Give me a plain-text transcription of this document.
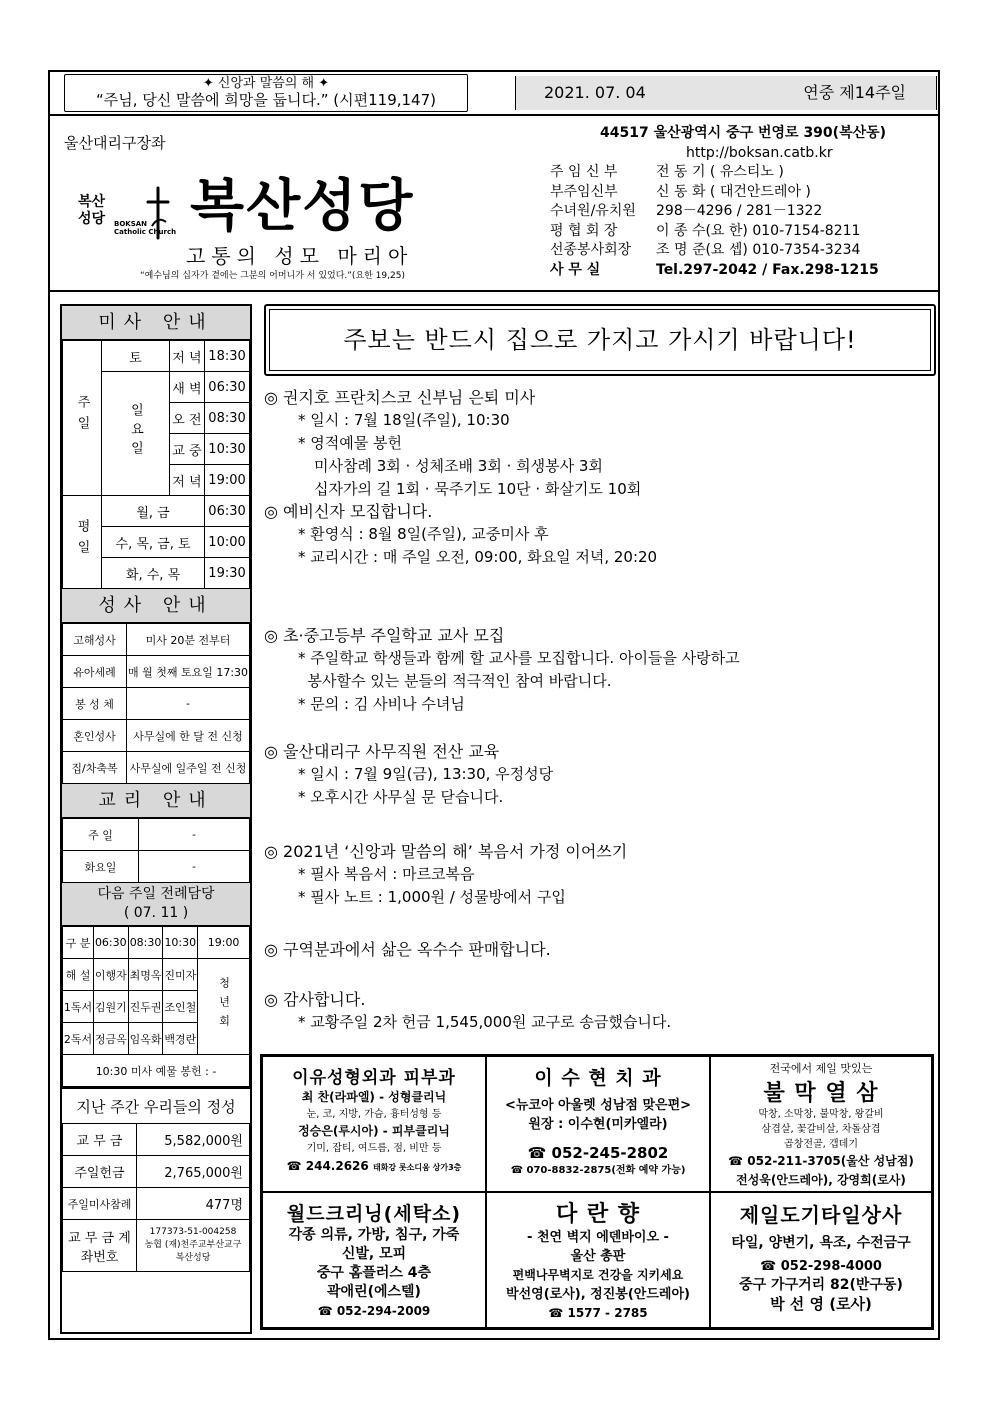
✦ 신앙과 말씀의 해 ✦
“주님, 당신 말씀에 희망을 둡니다.” (시편119,147)	2021. 07. 04	연중 제14주일
울산대리구장좌
복산
성당 BOKSAN
Catholic Church 복산성당
고통의 성모 마리아
“예수님의 십자가 곁에는 그분의 어머니가 서 있었다.”(요한 19,25)
44517 울산광역시 중구 번영로 390(복산동)
http://boksan.catb.kr
주 임 신 부	전 동 기 ( 유스티노 )
부주임신부	신 동 화 ( 대건안드레아 )
수녀원/유치원	298－4296 / 281－1322
평 협 회 장	이 종 수(요 한) 010-7154-8211
선종봉사회장	조 명 준(요 셉) 010-7354-3234
사 무 실	Tel.297-2042 / Fax.298-1215
미사 안내
주일	토	저 녁	18:30
	일요일	새 벽	06:30
		오 전	08:30
		교 중	10:30
		저 녁	19:00
평일	월, 금		06:30
	수, 목, 금, 토		10:00
	화, 수, 목		19:30
성사 안내
고해성사	미사 20분 전부터
유아세례	매 월 첫째 토요일 17:30
봉 성 체	-
혼인성사	사무실에 한 달 전 신청
집/차축복	사무실에 일주일 전 신청
교리 안내
주 일	-
화요일	-
다음 주일 전례담당
( 07. 11 )
구 분	06:30	08:30	10:30	19:00
해 설	이행자	최명옥	진미자	청년회
1독서	김원기	진두권	조인철	
2독서	정금옥	임옥화	백경란	
10:30 미사 예물 봉헌 : -				
지난 주간 우리들의 정성
교 무 금	5,582,000원
주일헌금	2,765,000원
주일미사참례	477명
교 무 금 계좌번호	177373-51-004258
농협 (재)천주교부산교구
복산성당
주보는 반드시 집으로 가지고 가시기 바랍니다!
◎ 권지호 프란치스코 신부님 은퇴 미사
* 일시 : 7월 18일(주일), 10:30
* 영적예물 봉헌
미사참례 3회 · 성체조배 3회 · 희생봉사 3회
십자가의 길 1회 · 묵주기도 10단 · 화살기도 10회
◎ 예비신자 모집합니다.
* 환영식 : 8월 8일(주일), 교중미사 후
* 교리시간 : 매 주일 오전, 09:00, 화요일 저녁, 20:20
◎ 초·중고등부 주일학교 교사 모집
* 주일학교 학생들과 함께 할 교사를 모집합니다. 아이들을 사랑하고
봉사할수 있는 분들의 적극적인 참여 바랍니다.
* 문의 : 김 사비나 수녀님
◎ 울산대리구 사무직원 전산 교육
* 일시 : 7월 9일(금), 13:30, 우정성당
* 오후시간 사무실 문 닫습니다.
◎ 2021년 ‘신앙과 말씀의 해’ 복음서 가정 이어쓰기
* 필사 복음서 : 마르코복음
* 필사 노트 : 1,000원 / 성물방에서 구입
◎ 구역분과에서 삶은 옥수수 판매합니다.
◎ 감사합니다.
* 교황주일 2차 헌금 1,545,000원 교구로 송금했습니다.
이유성형외과 피부과
최 찬(라파엘) - 성형클리닉
눈, 코, 지방, 가슴, 흉터성형 등
정승은(루시아) - 피부클리닉
기미, 잡티, 여드름, 점, 비만 등
☎ 244.2626 태화강 롯소디움 상가3층
이 수 현 치 과
<뉴코아 아울렛 성남점 맞은편>
원장 : 이수현(미카엘라)
☎ 052-245-2802
☎ 070-8832-2875(전화 예약 가능)
전국에서 제일 맛있는
불 막 열 삼
막창, 소막창, 불막창, 왕갈비
삼겹살, 꽃갈비살, 차돌삼겹
곱창전골, 갭데기
☎ 052-211-3705(울산 성남점)
전성욱(안드레아), 강영희(로사)
월드크리닝(세탁소)
각종 의류, 가방, 침구, 가죽
신발, 모피
중구 홈플러스 4층
곽애린(에스텔)
☎ 052-294-2009
다 란 향
- 천연 벽지 에덴바이오 -
울산 총판
편백나무벽지로 건강을 지키세요
박선영(로사), 정진봉(안드레아)
☎ 1577 - 2785
제일도기타일상사
타일, 양변기, 욕조, 수전금구
☎ 052-298-4000
중구 가구거리 82(반구동)
박 선 영 (로사)
